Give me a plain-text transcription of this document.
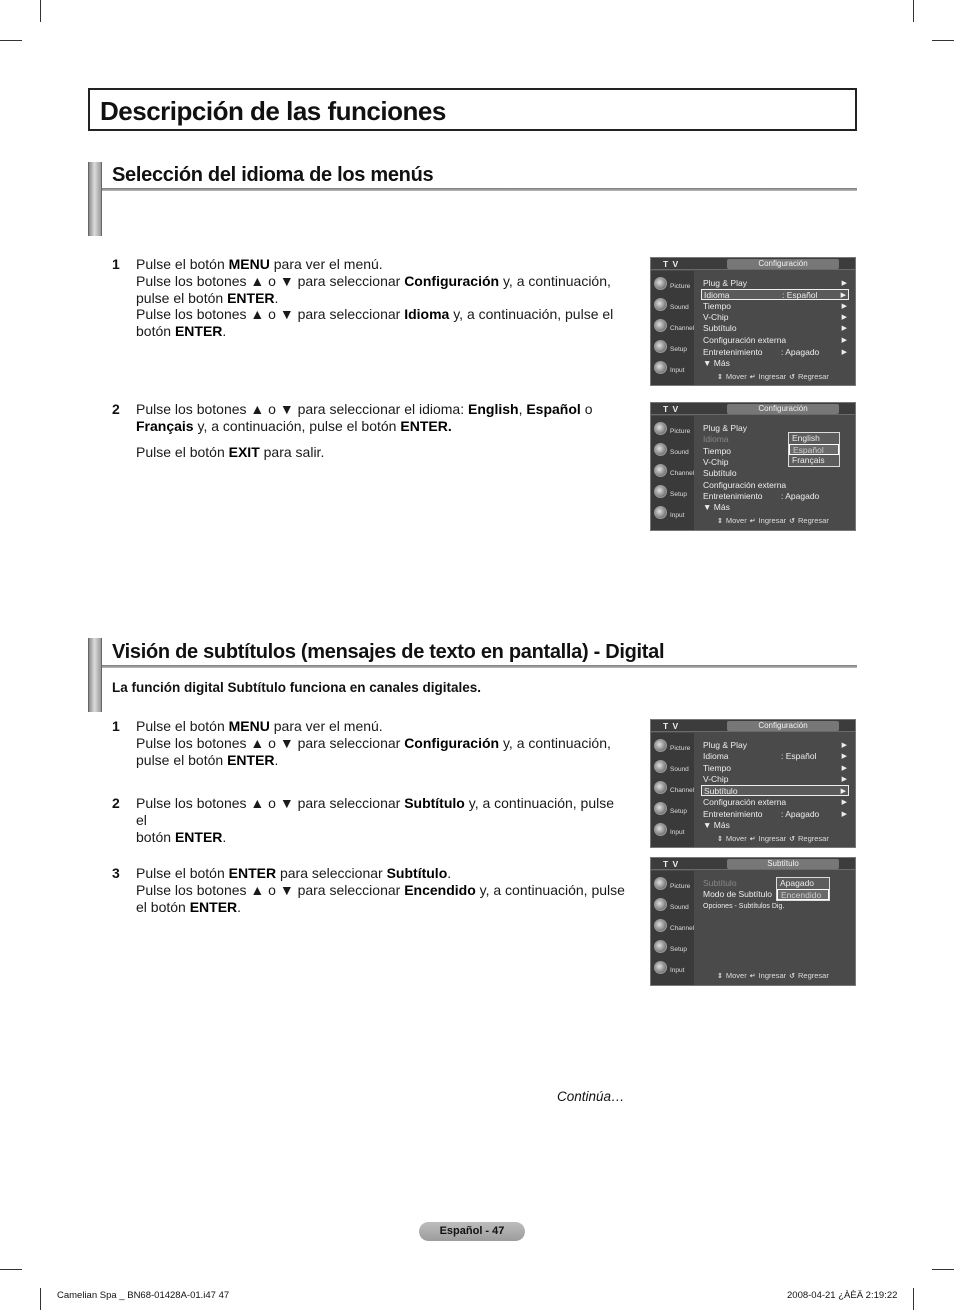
Descripción de las funciones
Selección del idioma de los menús
1 Pulse el botón MENU para ver el menú.

Pulse los botones ▲ o ▼ para seleccionar Configuración y, a continuación,

pulse el botón ENTER.

Pulse los botones ▲ o ▼ para seleccionar Idioma y, a continuación, pulse el

botón ENTER.

2 Pulse los botones ▲ o ▼ para seleccionar el idioma: English, Español o

Français y, a continuación, pulse el botón ENTER.

Pulse el botón EXIT para salir.

T V	Configuración
Picture
Sound
Channel
Setup
Input
Plug & Play	▶
Idioma	: Español	▶
Tiempo	▶
V-Chip	▶
Subtítulo	▶
Configuración externa	▶
Entretenimiento : Apagado	▶
▼ Más
⇕ Mover ↵ Ingresar ↺ Regresar
T V	Configuración
Picture
Sound
Channel
Setup
Input
Plug & Play
Idioma
Tiempo
V-Chip
Subtítulo
Configuración externa
Entretenimiento : Apagado
▼ Más
English
Español
Français
⇕ Mover ↵ Ingresar ↺ Regresar
Visión de subtítulos (mensajes de texto en pantalla) - Digital
La función digital Subtítulo funciona en canales digitales.
1 Pulse el botón MENU para ver el menú.

Pulse los botones ▲ o ▼ para seleccionar Configuración y, a continuación,

pulse el botón ENTER.

2 Pulse los botones ▲ o ▼ para seleccionar Subtítulo y, a continuación, pulse el

botón ENTER.

3 Pulse el botón ENTER para seleccionar Subtítulo.

Pulse los botones ▲ o ▼ para seleccionar Encendido y, a continuación, pulse

el botón ENTER.

T V	Configuración
Picture
Sound
Channel
Setup
Input
Plug & Play	▶
Idioma	: Español	▶
Tiempo	▶
V-Chip	▶
Subtítulo	▶
Configuración externa	▶
Entretenimiento : Apagado	▶
▼ Más
⇕ Mover ↵ Ingresar ↺ Regresar
T V	Subtítulo
Picture
Sound
Channel
Setup
Input
Subtítulo
Modo de Subtítulo
Opciones - Subtítulos Dig.
Apagado
Encendido
⇕ Mover ↵ Ingresar ↺ Regresar
Continúa…
Español - 47
Camelian Spa _ BN68-01428A-01.i47 47	2008-04-21 ¿ÀÈÄ 2:19:22
